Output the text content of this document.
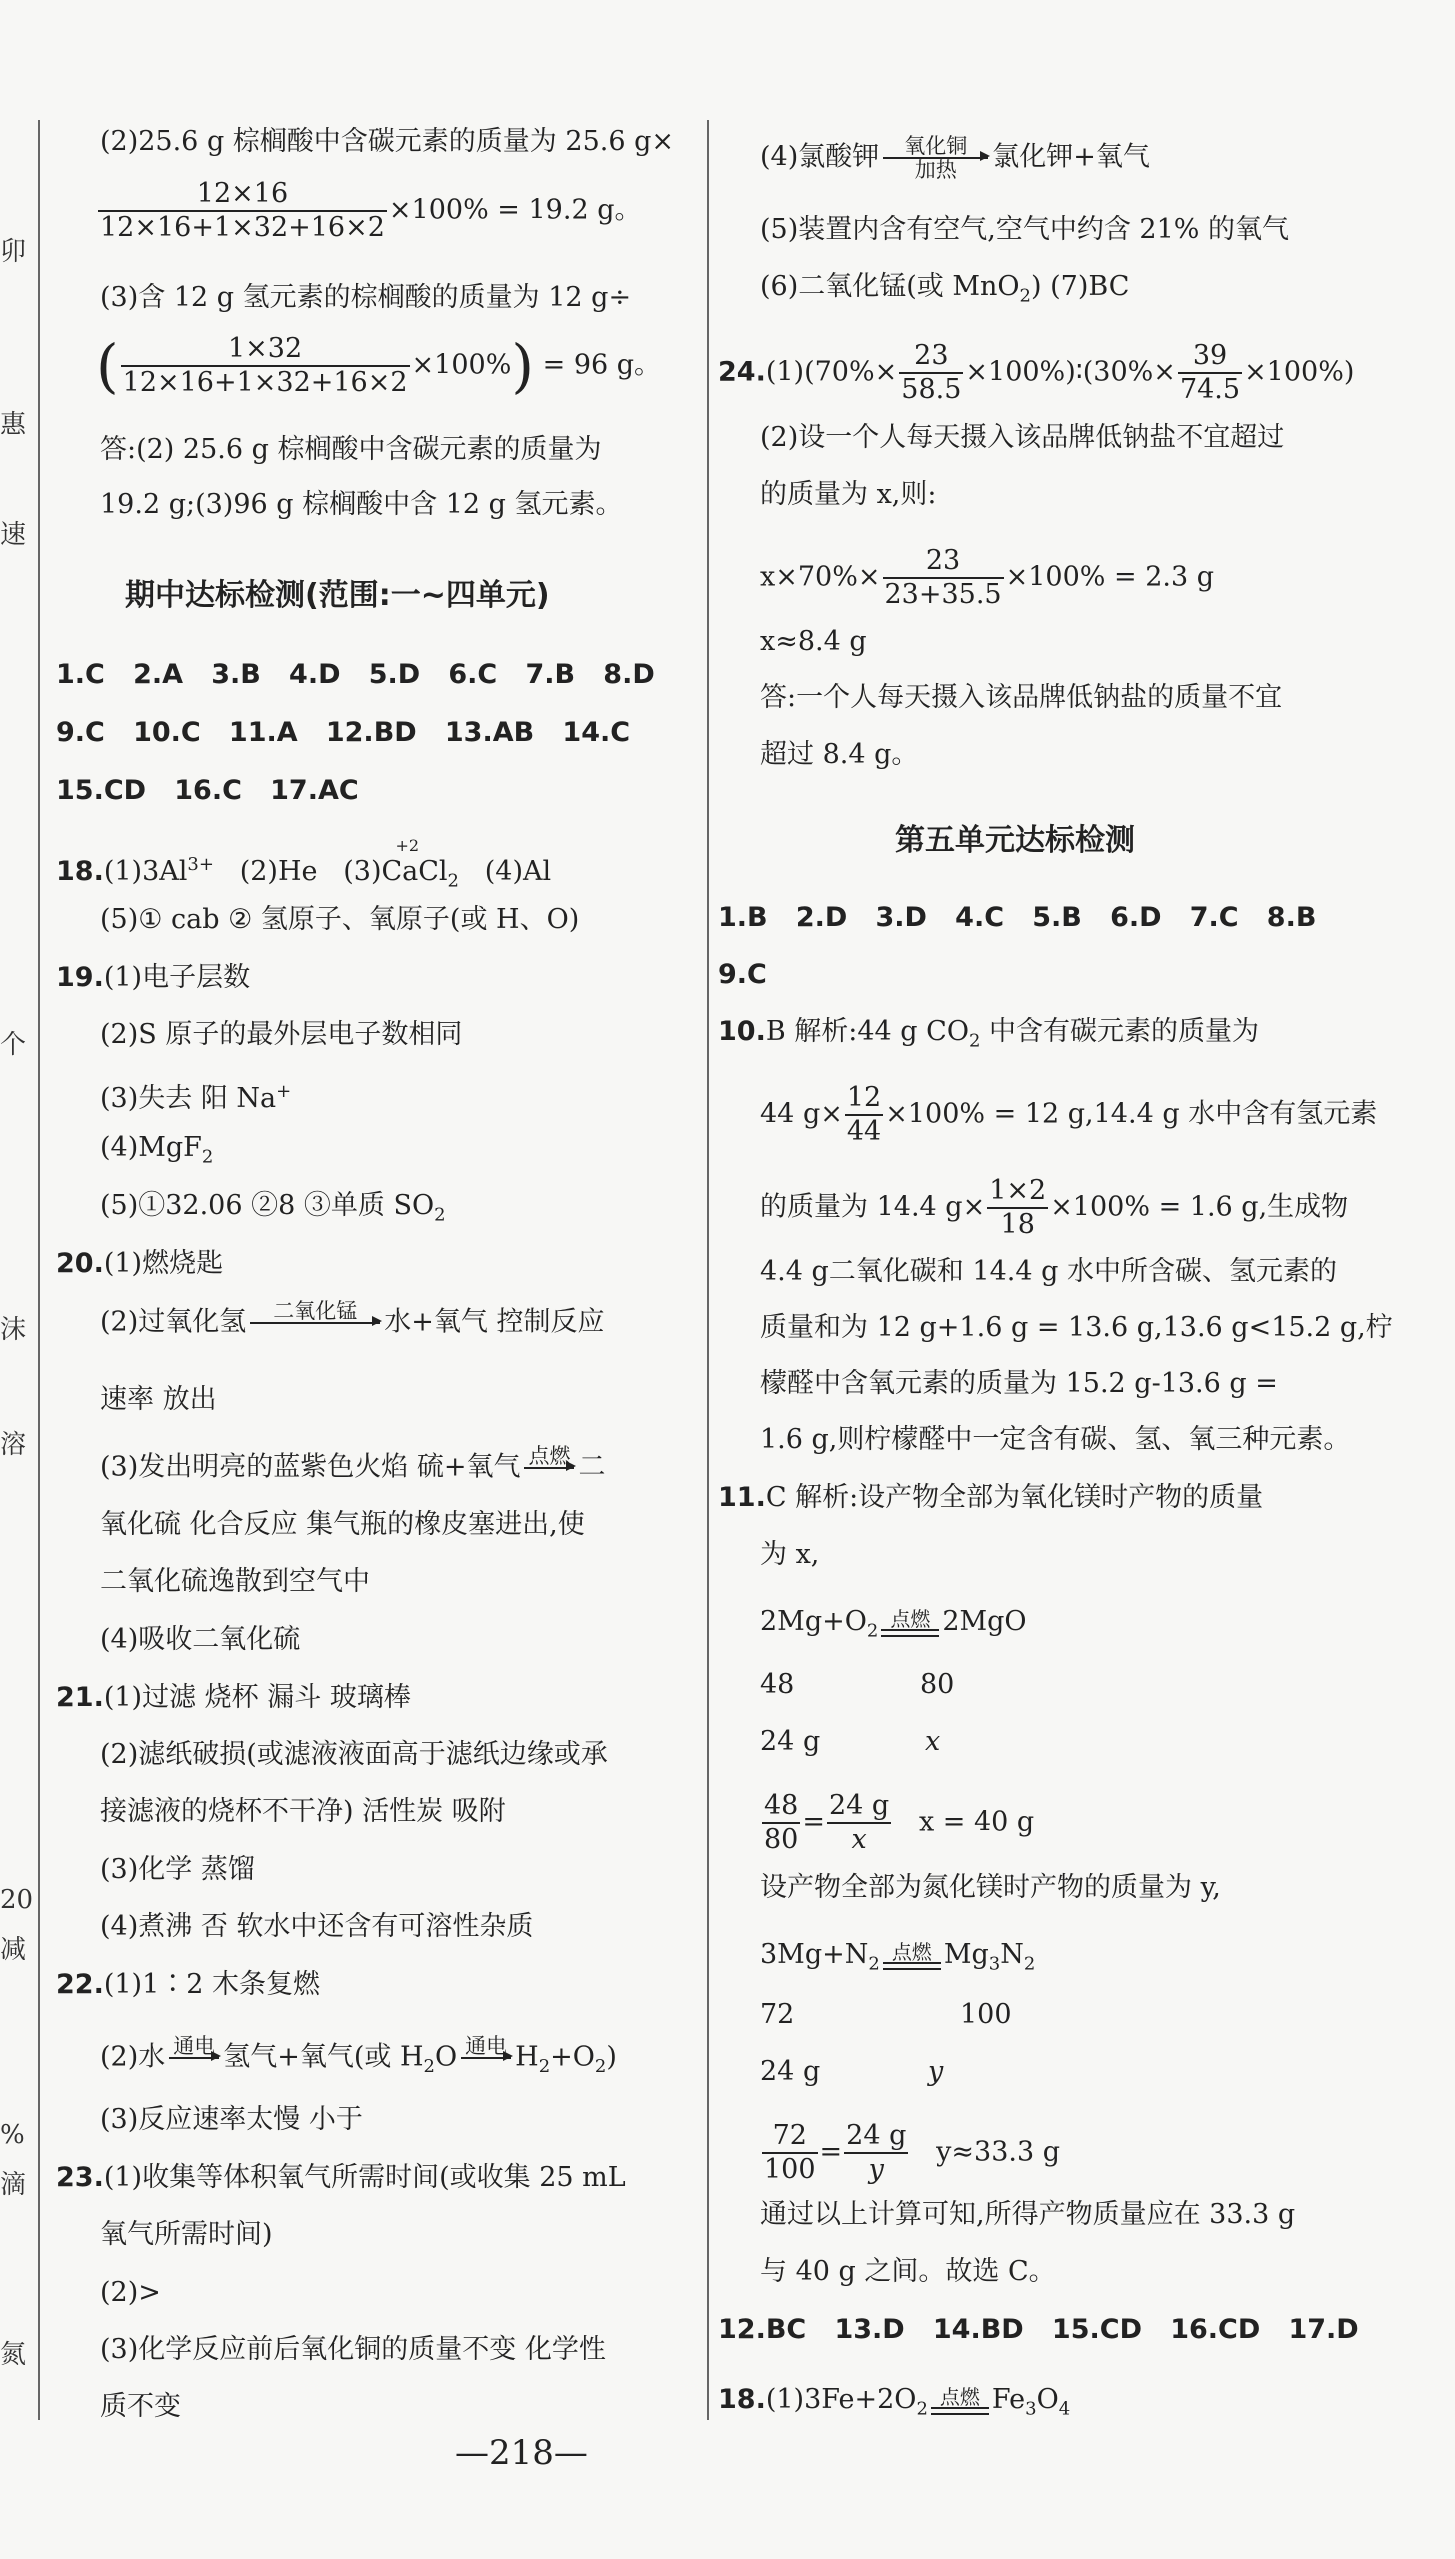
卯
惠
速
个
沫
溶
20
减
%
滴
氮
(2)25.6 g 棕榈酸中含碳元素的质量为 25.6 g×
$\frac{12\times 16}{12\times 16+1\times 32+16\times 2} \times 100\% = 19.2$ g。
(3)含 12 g 氢元素的棕榈酸的质量为 12 g÷
( $\frac{1\times 32}{12\times 16+1\times 32+16\times 2} \times 100\%) = 96$ g。
答:(2) 25.6 g 棕榈酸中含碳元素的质量为
19.2 g;(3)96 g 棕榈酸中含 12 g 氢元素。
期中达标检测(范围:一~四单元)
1.C 2.A 3.B 4.D 5.D 6.C 7.B 8.D
9.C 10.C 11.A 12.BD 13.AB 14.C
15.CD 16.C 17.AC
$18.(1)3Al^{3+}$ (2)He (3)
+2
CaCl$_2$ (4)Al
(5)① cab ② 氢原子、氧原子(或 H、O)
19.(1)电子层数
(2)S 原子的最外层电子数相同
(3)失去 阳 Na+
(4)MgF$_2$
(5)①32.06 ②8 ③单质 $SO_2$
20.(1)燃烧匙
(2)过氧化氢	二氧化锰
	水+氧气 控制反应
速率 放出
(3)发出明亮的蓝紫色火焰 硫+氧气 点燃
二
氧化硫 化合反应 集气瓶的橡皮塞进出,使
二氧化硫逸散到空气中
(4)吸收二氧化硫
21.(1)过滤 烧杯 漏斗 玻璃棒
(2)滤纸破损(或滤液液面高于滤纸边缘或承
接滤液的烧杯不干净) 活性炭 吸附
(3)化学 蒸馏
(4)煮沸 否 软水中还含有可溶性杂质
22.(1)1∶2 木条复燃
(2)水 通电
氢气+氧气(或 $H_2O$ 通电
$H_2+O_2$)
(3)反应速率太慢 小于
23.(1)收集等体积氧气所需时间(或收集 25 mL
氧气所需时间)
(2)>
(3)化学反应前后氧化铜的质量不变 化学性
质不变
(4)氯酸钾	氧化铜
加热	氯化钾+氧气
(5)装置内含有空气,空气中约含 21% 的氧气
(6)二氧化锰(或 MnO$_2$) (7)BC
$24.(1)(70\%\times \frac{23}{58.5}$ ×100%)∶(30%× $\frac{39}{74.5} \times 100\%$)
(2)设一个人每天摄入该品牌低钠盐不宜超过
的质量为 x,则:
$x\times 70\%\times \frac{23}{23+35.5} \times 100\% = 2.3$ g
x≈8.4 g
答:一个人每天摄入该品牌低钠盐的质量不宜
超过 8.4 g。
第五单元达标检测
1.B 2.D 3.D 4.C 5.B 6.D 7.C 8.B
9.C
10.B 解析:44 g $CO_2$ 中含有碳元素的质量为
44 $g\times \frac{12}{44} \times 100\% = 12$ g,14.4 g 水中含有氢元素
的质量为 14.4 $g\times \frac{1\times 2}{18} \times 100\% = 1.6$ g,生成物
4.4 g二氧化碳和 14.4 g 水中所含碳、氢元素的
质量和为 12 g+1.6 g = 13.6 g,13.6 g<15.2 g,柠
檬醛中含氧元素的质量为 15.2 g-13.6 g =
1.6 g,则柠檬醛中一定含有碳、氢、氧三种元素。
11.C 解析:设产物全部为氧化镁时产物的质量
为 x,
$2Mg+O_2$
点燃 2MgO
48	80
24 g	x
$\frac{48}{80} = \frac{24 g}{x}$ x = 40 g
设产物全部为氮化镁时产物的质量为 y,
$3Mg+N_2$
点燃 $Mg_3N_2$
72	100
24 g	y
$\frac{72}{100} = \frac{24 g}{y} y\approx 33.3$ g
通过以上计算可知,所得产物质量应在 33.3 g
与 40 g 之间。故选 C。
12.BC 13.D 14.BD 15.CD 16.CD 17.D
$18.(1)3Fe+2O_2$
点燃 $Fe_3O_4$
—218—
